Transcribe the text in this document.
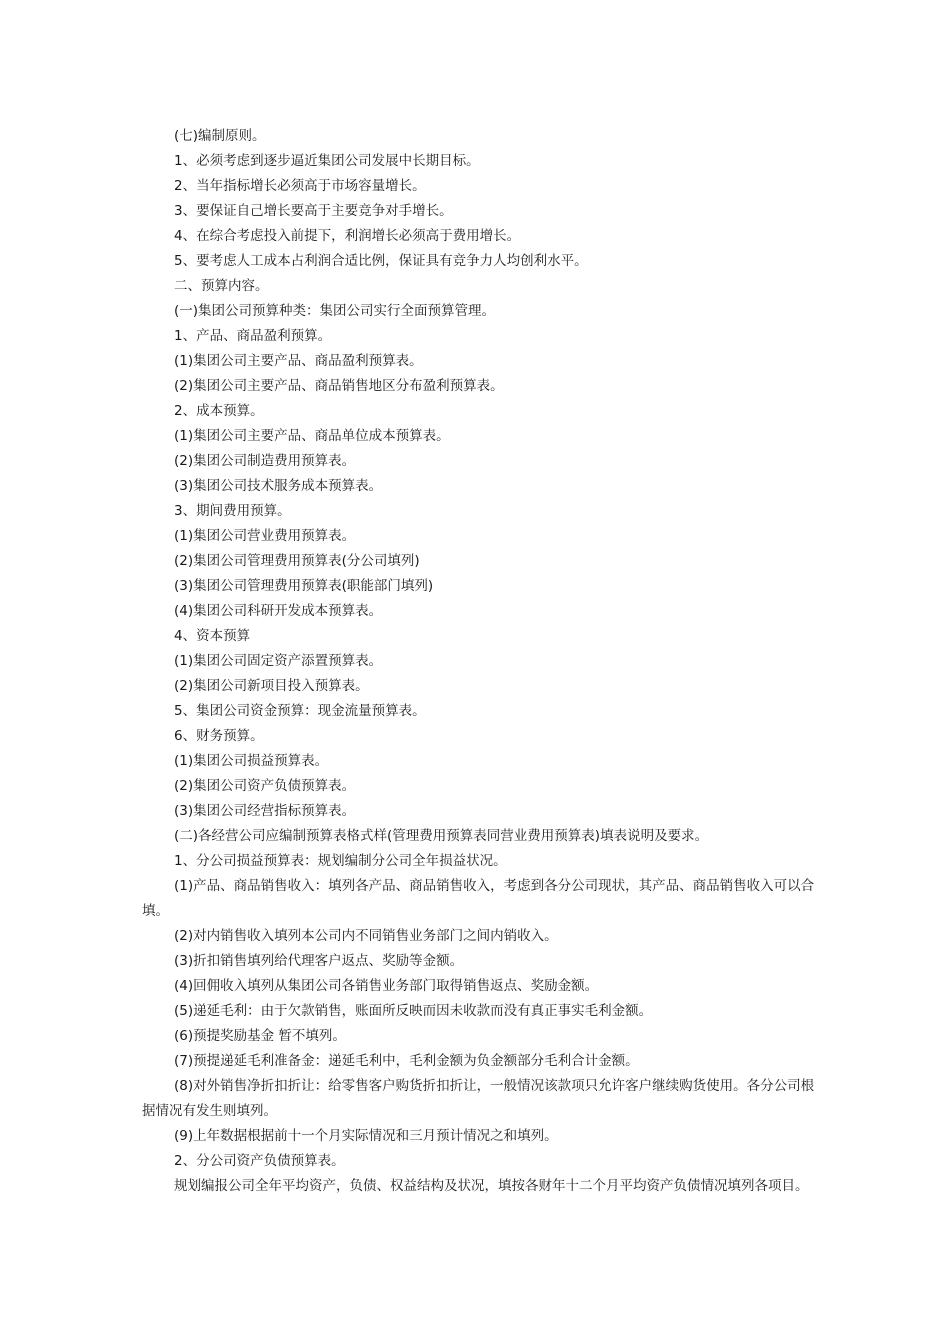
(七)编制原则。

1、必须考虑到逐步逼近集团公司发展中长期目标。

2、当年指标增长必须高于市场容量增长。

3、要保证自己增长要高于主要竞争对手增长。

4、在综合考虑投入前提下，利润增长必须高于费用增长。

5、要考虑人工成本占利润合适比例，保证具有竞争力人均创利水平。

二、预算内容。

(一)集团公司预算种类：集团公司实行全面预算管理。

1、产品、商品盈利预算。

(1)集团公司主要产品、商品盈利预算表。

(2)集团公司主要产品、商品销售地区分布盈利预算表。

2、成本预算。

(1)集团公司主要产品、商品单位成本预算表。

(2)集团公司制造费用预算表。

(3)集团公司技术服务成本预算表。

3、期间费用预算。

(1)集团公司营业费用预算表。

(2)集团公司管理费用预算表(分公司填列)

(3)集团公司管理费用预算表(职能部门填列)

(4)集团公司科研开发成本预算表。

4、资本预算

(1)集团公司固定资产添置预算表。

(2)集团公司新项目投入预算表。

5、集团公司资金预算：现金流量预算表。

6、财务预算。

(1)集团公司损益预算表。

(2)集团公司资产负债预算表。

(3)集团公司经营指标预算表。

(二)各经营公司应编制预算表格式样(管理费用预算表同营业费用预算表)填表说明及要求。

1、分公司损益预算表：规划编制分公司全年损益状况。

(1)产品、商品销售收入：填列各产品、商品销售收入，考虑到各分公司现状，其产品、商品销售收入可以合填。

(2)对内销售收入填列本公司内不同销售业务部门之间内销收入。

(3)折扣销售填列给代理客户返点、奖励等金额。

(4)回佣收入填列从集团公司各销售业务部门取得销售返点、奖励金额。

(5)递延毛利：由于欠款销售，账面所反映而因未收款而没有真正事实毛利金额。

(6)预提奖励基金 暂不填列。

(7)预提递延毛利准备金：递延毛利中，毛利金额为负金额部分毛利合计金额。

(8)对外销售净折扣折让：给零售客户购货折扣折让，一般情况该款项只允许客户继续购货使用。各分公司根据情况有发生则填列。

(9)上年数据根据前十一个月实际情况和三月预计情况之和填列。

2、分公司资产负债预算表。

规划编报公司全年平均资产，负债、权益结构及状况，填按各财年十二个月平均资产负债情况填列各项目。
